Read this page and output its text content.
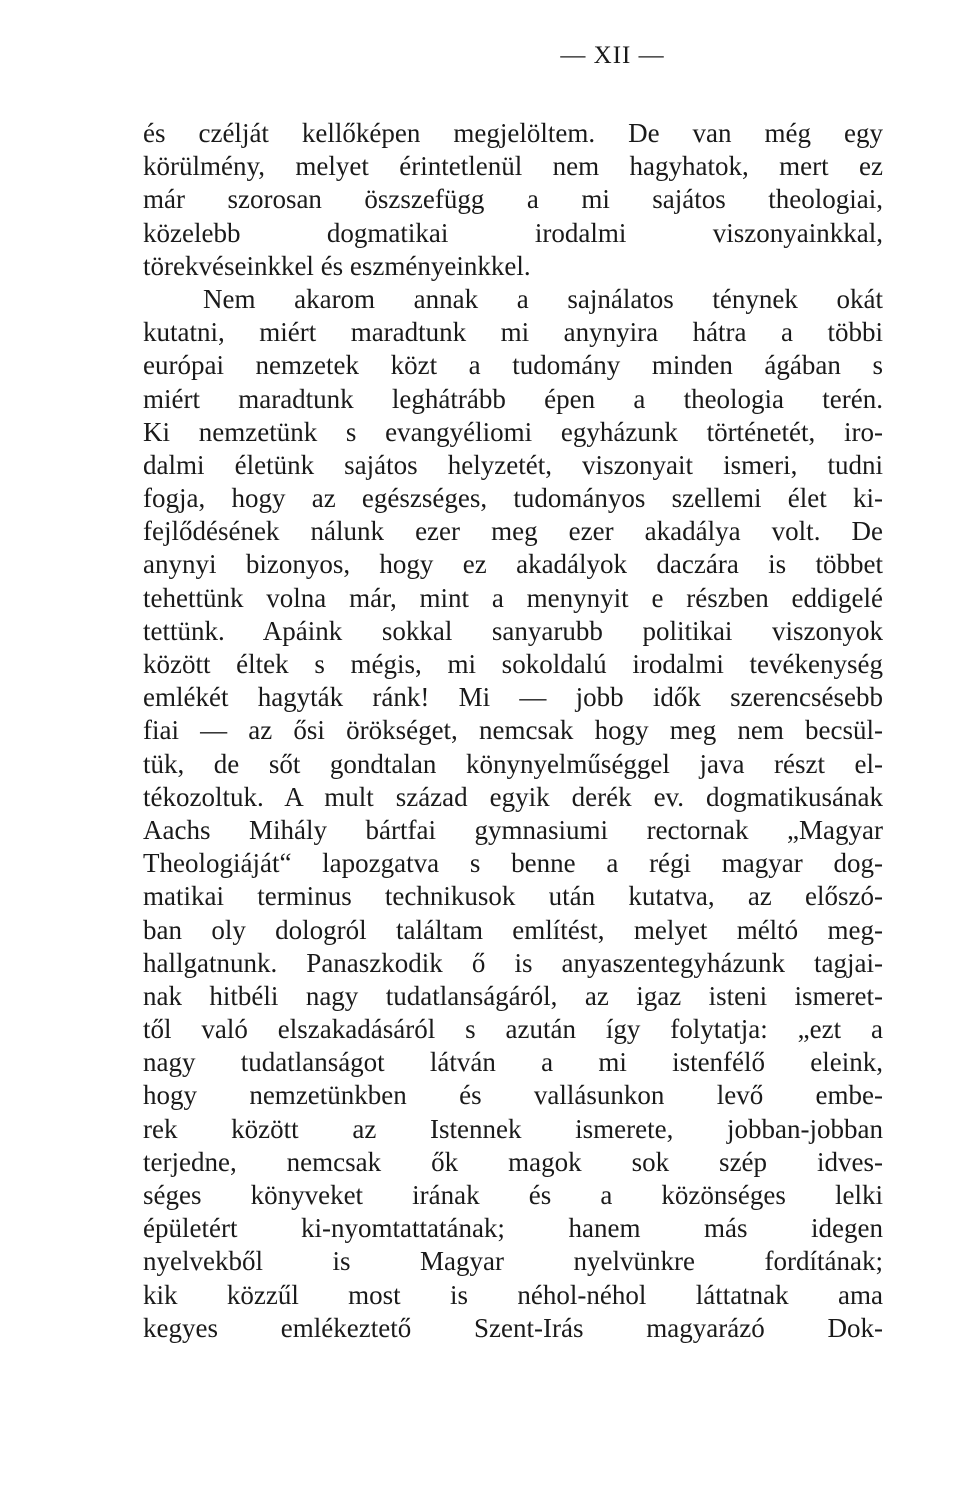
— XII —
és czélját kellőképen megjelöltem. De van még egy
körülmény, melyet érintetlenül nem hagyhatok, mert ez
már szorosan öszszefügg a mi sajátos theologiai,
közelebb dogmatikai irodalmi viszonyainkkal,
törekvéseinkkel és eszményeinkkel.
Nem akarom annak a sajnálatos ténynek okát
kutatni, miért maradtunk mi anynyira hátra a többi
európai nemzetek közt a tudomány minden ágában s
miért maradtunk leghátrább épen a theologia terén.
Ki nemzetünk s evangyéliomi egyházunk történetét, iro-
dalmi életünk sajátos helyzetét, viszonyait ismeri, tudni
fogja, hogy az egészséges, tudományos szellemi élet ki-
fejlődésének nálunk ezer meg ezer akadálya volt. De
anynyi bizonyos, hogy ez akadályok daczára is többet
tehettünk volna már, mint a menynyit e részben eddigelé
tettünk. Apáink sokkal sanyarubb politikai viszonyok
között éltek s mégis, mi sokoldalú irodalmi tevékenység
emlékét hagyták ránk! Mi — jobb idők szerencsésebb
fiai — az ősi örökséget, nemcsak hogy meg nem becsül-
tük, de sőt gondtalan könynyelműséggel java részt el-
tékozoltuk. A mult század egyik derék ev. dogmatikusának
Aachs Mihály bártfai gymnasiumi rectornak „Magyar
Theologiáját“ lapozgatva s benne a régi magyar dog-
matikai terminus technikusok után kutatva, az előszó-
ban oly dologról találtam említést, melyet méltó meg-
hallgatnunk. Panaszkodik ő is anyaszentegyházunk tagjai-
nak hitbéli nagy tudatlanságáról, az igaz isteni ismeret-
től való elszakadásáról s azután így folytatja: „ezt a
nagy tudatlanságot látván a mi istenfélő eleink,
hogy nemzetünkben és vallásunkon levő embe-
rek között az Istennek ismerete, jobban-jobban
terjedne, nemcsak ők magok sok szép idves-
séges könyveket irának és a közönséges lelki
épületért ki-nyomtattatának; hanem más idegen
nyelvekből is Magyar nyelvünkre fordítának;
kik közzűl most is néhol-néhol láttatnak ama
kegyes emlékeztető Szent-Irás magyarázó Dok-
